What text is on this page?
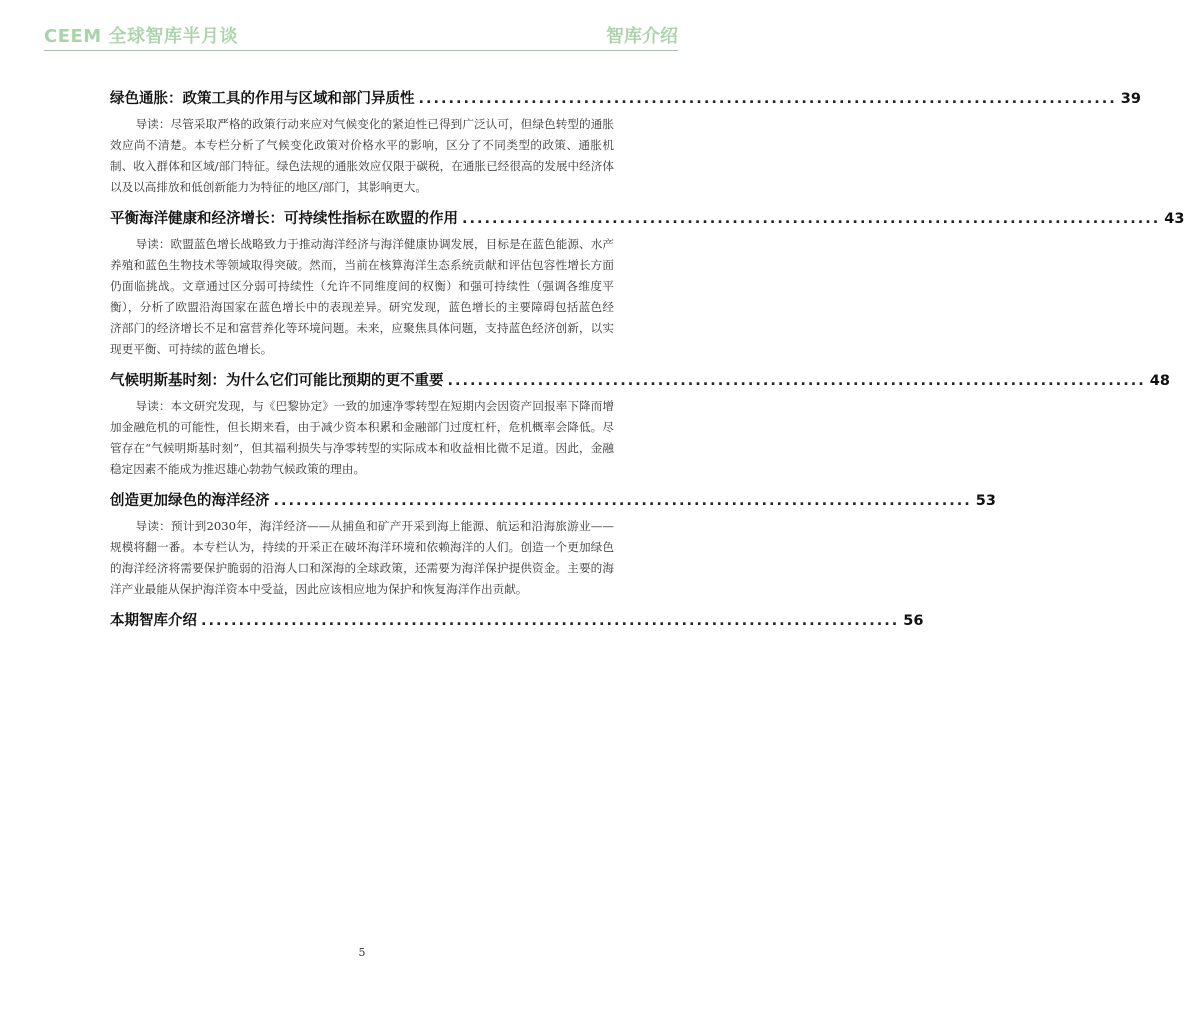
CEEM 全球智库半月谈	智库介绍
绿色通胀：政策工具的作用与区域和部门异质性 ............................................................................................. 39

导读：尽管采取严格的政策行动来应对气候变化的紧迫性已得到广泛认可，但绿色转型的通胀效应尚不清楚。本专栏分析了气候变化政策对价格水平的影响，区分了不同类型的政策、通胀机制、收入群体和区域/部门特征。绿色法规的通胀效应仅限于碳税，在通胀已经很高的发展中经济体以及以高排放和低创新能力为特征的地区/部门，其影响更大。

平衡海洋健康和经济增长：可持续性指标在欧盟的作用 ............................................................................................. 43

导读：欧盟蓝色增长战略致力于推动海洋经济与海洋健康协调发展，目标是在蓝色能源、水产养殖和蓝色生物技术等领域取得突破。然而，当前在核算海洋生态系统贡献和评估包容性增长方面仍面临挑战。文章通过区分弱可持续性（允许不同维度间的权衡）和强可持续性（强调各维度平衡），分析了欧盟沿海国家在蓝色增长中的表现差异。研究发现，蓝色增长的主要障碍包括蓝色经济部门的经济增长不足和富营养化等环境问题。未来，应聚焦具体问题，支持蓝色经济创新，以实现更平衡、可持续的蓝色增长。

气候明斯基时刻：为什么它们可能比预期的更不重要 ............................................................................................. 48

导读：本文研究发现，与《巴黎协定》一致的加速净零转型在短期内会因资产回报率下降而增加金融危机的可能性，但长期来看，由于减少资本积累和金融部门过度杠杆，危机概率会降低。尽管存在“气候明斯基时刻”，但其福利损失与净零转型的实际成本和收益相比微不足道。因此，金融稳定因素不能成为推迟雄心勃勃气候政策的理由。

创造更加绿色的海洋经济 ............................................................................................. 53

导读：预计到2030年，海洋经济——从捕鱼和矿产开采到海上能源、航运和沿海旅游业——规模将翻一番。本专栏认为，持续的开采正在破坏海洋环境和依赖海洋的人们。创造一个更加绿色的海洋经济将需要保护脆弱的沿海人口和深海的全球政策，还需要为海洋保护提供资金。主要的海洋产业最能从保护海洋资本中受益，因此应该相应地为保护和恢复海洋作出贡献。

本期智库介绍 ............................................................................................. 56
5
